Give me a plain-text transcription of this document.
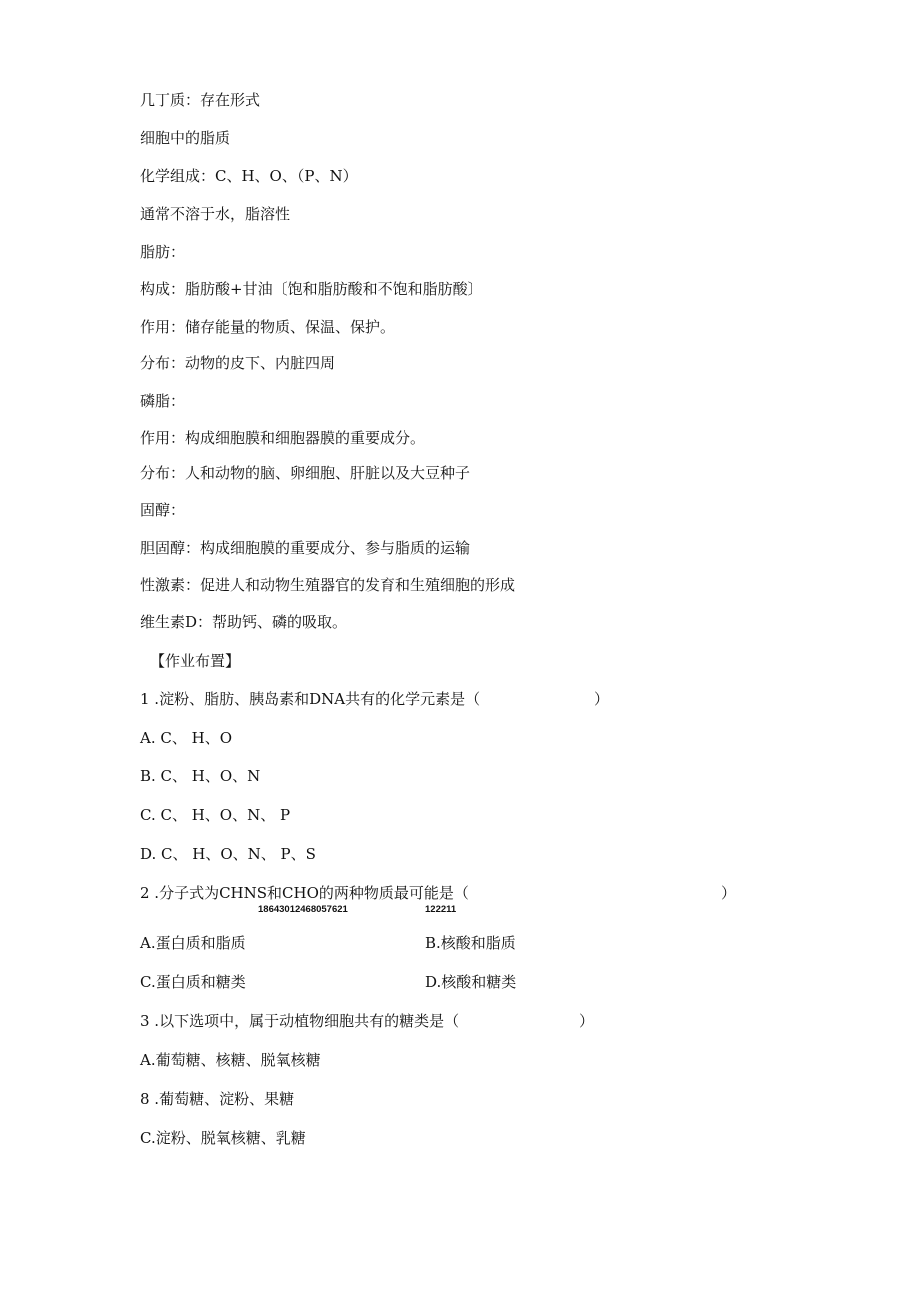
几丁质：存在形式
细胞中的脂质
化学组成：C、H、O、（P、N）
通常不溶于水，脂溶性
脂肪：
构成：脂肪酸+甘油〔饱和脂肪酸和不饱和脂肪酸〕
作用：储存能量的物质、保温、保护。
分布：动物的皮下、内脏四周
磷脂：
作用：构成细胞膜和细胞器膜的重要成分。
分布：人和动物的脑、卵细胞、肝脏以及大豆种子
固醇：
胆固醇：构成细胞膜的重要成分、参与脂质的运输
性激素：促进人和动物生殖器官的发育和生殖细胞的形成
维生素D：帮助钙、磷的吸取。
【作业布置】
1 .淀粉、脂肪、胰岛素和DNA共有的化学元素是（	）
A. C、 H、O
B. C、 H、O、N
C. C、 H、O、N、 P
D. C、 H、O、N、 P、S
2 .分子式为CHNS和CHO的两种物质最可能是（	）
18643012468057621	122211
A.蛋白质和脂质	B.核酸和脂质
C.蛋白质和糖类	D.核酸和糖类
3 .以下选项中，属于动植物细胞共有的糖类是（	）
A.葡萄糖、核糖、脱氧核糖
8 .葡萄糖、淀粉、果糖
C.淀粉、脱氧核糖、乳糖
